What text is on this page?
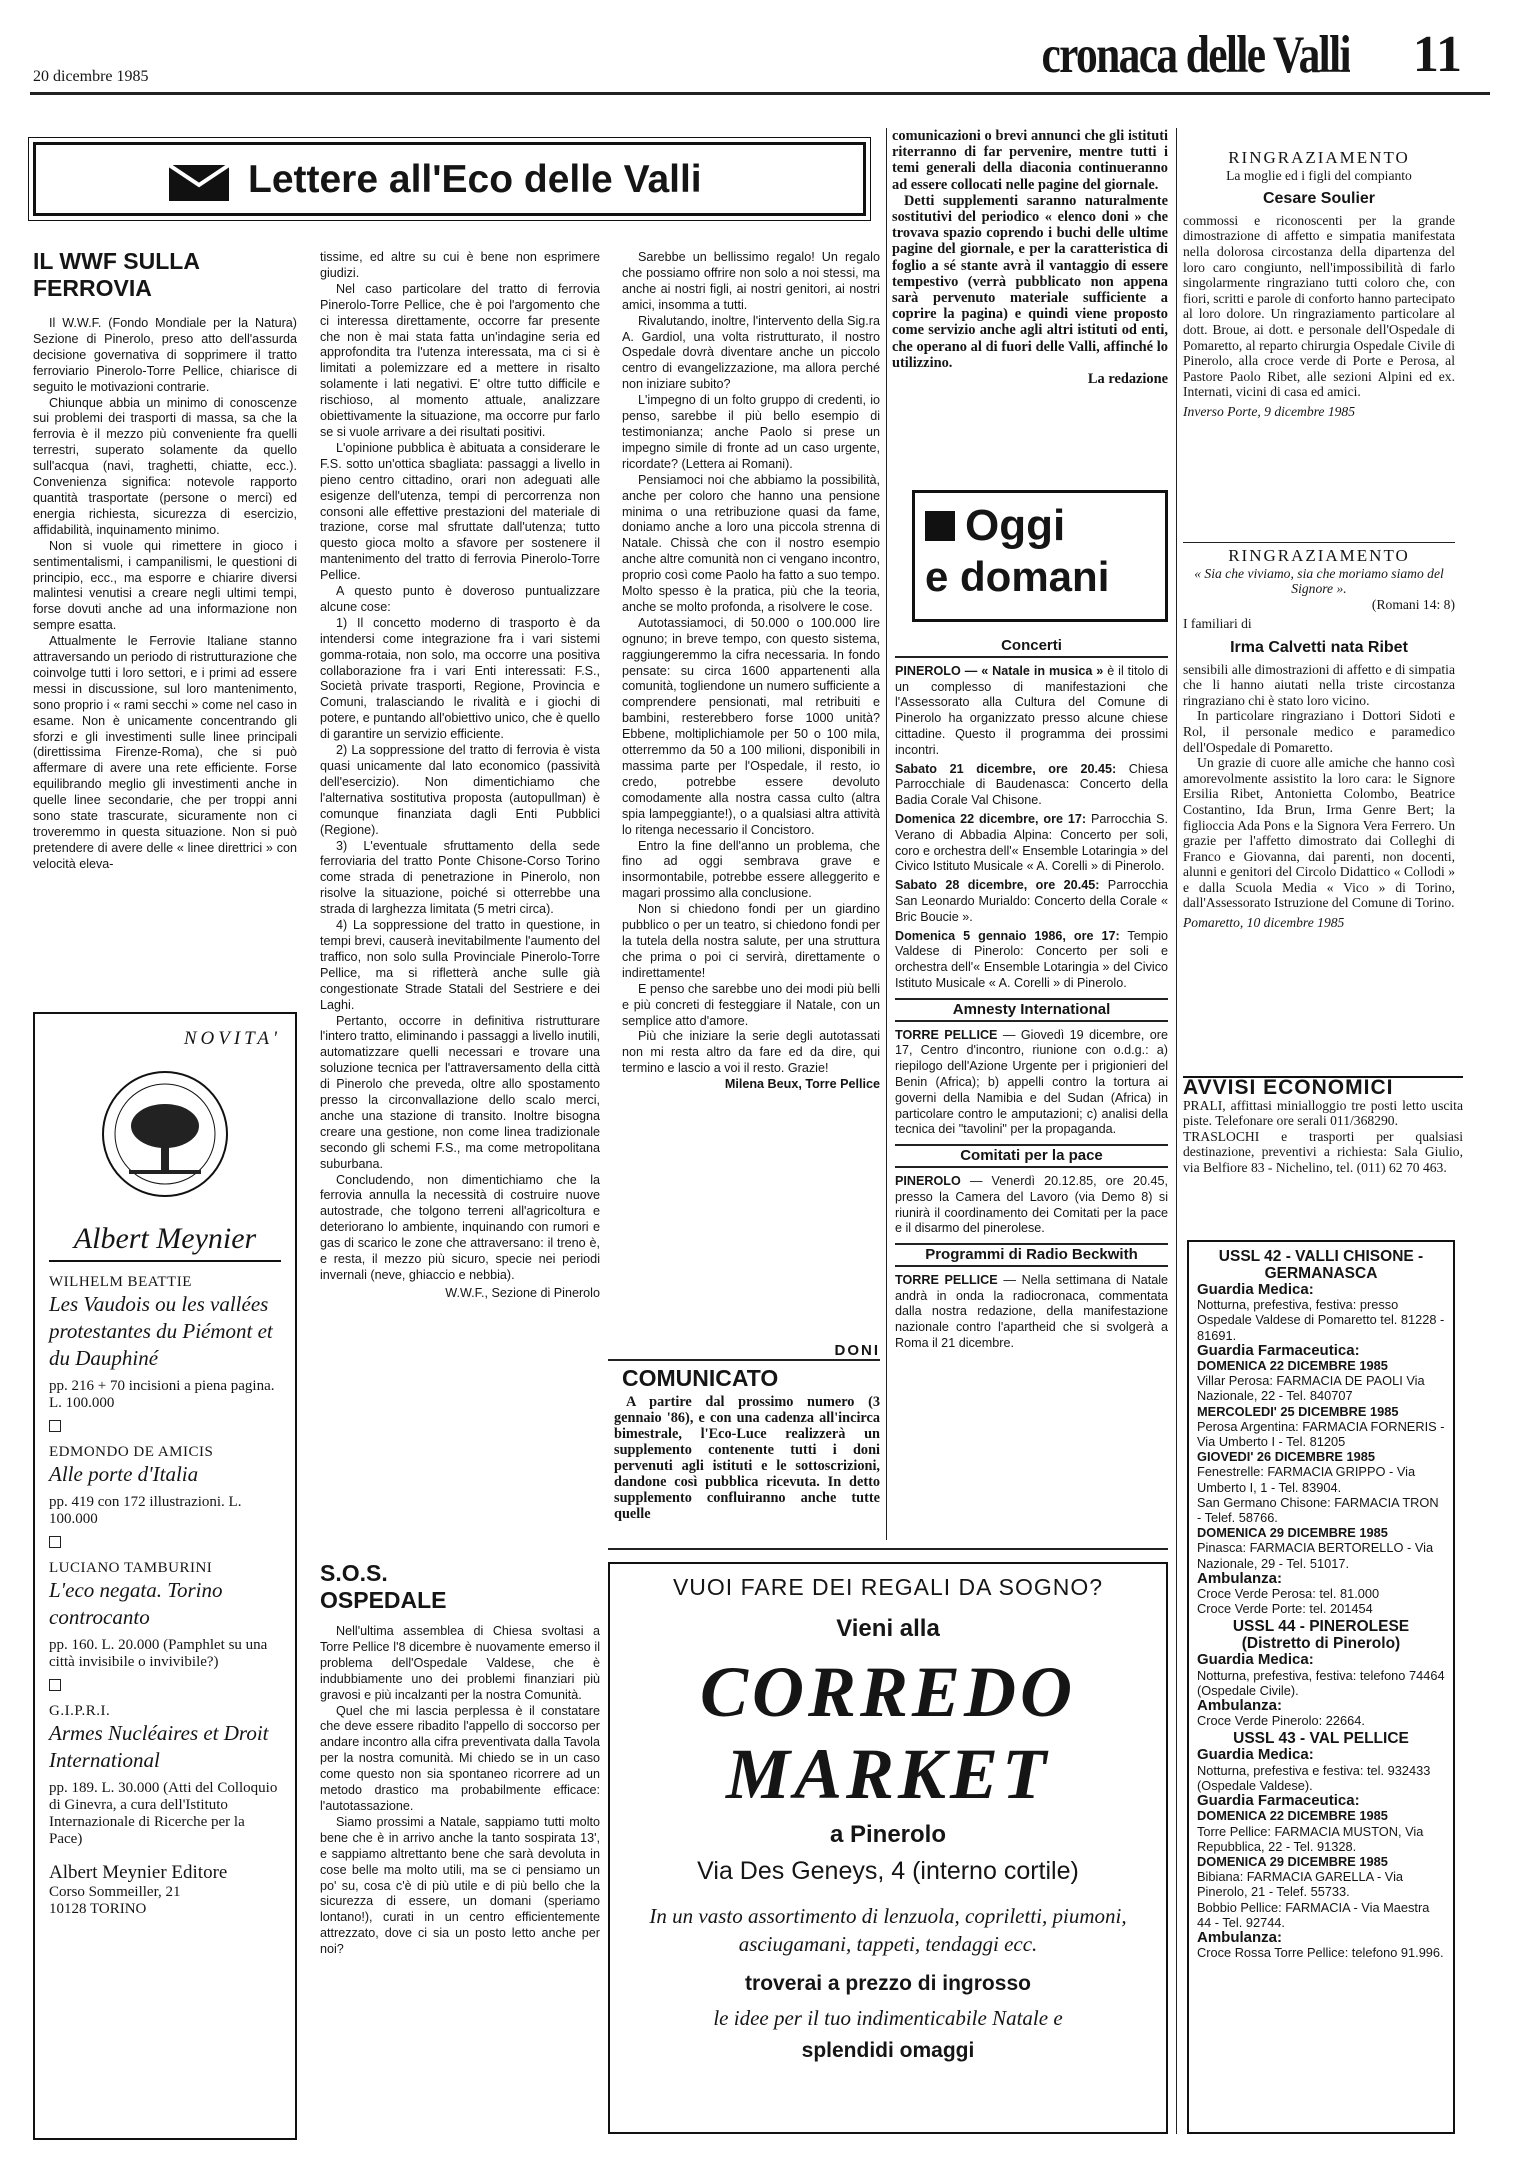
20 dicembre 1985	cronaca delle Valli	11
Lettere all'Eco delle Valli
IL WWF SULLA FERROVIA

Il W.W.F. (Fondo Mondiale per la Natura) Sezione di Pinerolo, preso atto dell'assurda decisione governativa di sopprimere il tratto ferroviario Pinerolo-Torre Pellice, chiarisce di seguito le motivazioni contrarie.

Chiunque abbia un minimo di conoscenze sui problemi dei trasporti di massa, sa che la ferrovia è il mezzo più conveniente fra quelli terrestri, superato solamente da quello sull'acqua (navi, traghetti, chiatte, ecc.). Convenienza significa: notevole rapporto quantità trasportate (persone o merci) ed energia richiesta, sicurezza di esercizio, affidabilità, inquinamento minimo.

Non si vuole qui rimettere in gioco i sentimentalismi, i campanilismi, le questioni di principio, ecc., ma esporre e chiarire diversi malintesi venutisi a creare negli ultimi tempi, forse dovuti anche ad una informazione non sempre esatta.

Attualmente le Ferrovie Italiane stanno attraversando un periodo di ristrutturazione che coinvolge tutti i loro settori, e i primi ad essere messi in discussione, sul loro mantenimento, sono proprio i « rami secchi » come nel caso in esame. Non è unicamente concentrando gli sforzi e gli investimenti sulle linee principali (direttissima Firenze-Roma), che si può affermare di avere una rete efficiente. Forse equilibrando meglio gli investimenti anche in quelle linee secondarie, che per troppi anni sono state trascurate, sicuramente non ci troveremmo in questa situazione. Non si può pretendere di avere delle « linee direttrici » con velocità eleva-

NOVITA'
Albert Meynier
WILHELM BEATTIE
Les Vaudois ou les vallées protestantes du Piémont et du Dauphiné
pp. 216 + 70 incisioni a piena pagina. L. 100.000
EDMONDO DE AMICIS
Alle porte d'Italia
pp. 419 con 172 illustrazioni. L. 100.000
LUCIANO TAMBURINI
L'eco negata. Torino controcanto
pp. 160. L. 20.000 (Pamphlet su una città invisibile o invivibile?)
G.I.P.R.I.
Armes Nucléaires et Droit International
pp. 189. L. 30.000 (Atti del Colloquio di Ginevra, a cura dell'Istituto Internazionale di Ricerche per la Pace)
Albert Meynier Editore
Corso Sommeiller, 21
10128 TORINO

tissime, ed altre su cui è bene non esprimere giudizi.

Nel caso particolare del tratto di ferrovia Pinerolo-Torre Pellice, che è poi l'argomento che ci interessa direttamente, occorre far presente che non è mai stata fatta un'indagine seria ed approfondita tra l'utenza interessata, ma ci si è limitati a polemizzare ed a mettere in risalto solamente i lati negativi. E' oltre tutto difficile e rischioso, al momento attuale, analizzare obiettivamente la situazione, ma occorre pur farlo se si vuole arrivare a dei risultati positivi.

L'opinione pubblica è abituata a considerare le F.S. sotto un'ottica sbagliata: passaggi a livello in pieno centro cittadino, orari non adeguati alle esigenze dell'utenza, tempi di percorrenza non consoni alle effettive prestazioni del materiale di trazione, corse mal sfruttate dall'utenza; tutto questo gioca molto a sfavore per sostenere il mantenimento del tratto di ferrovia Pinerolo-Torre Pellice.

A questo punto è doveroso puntualizzare alcune cose:

1) Il concetto moderno di trasporto è da intendersi come integrazione fra i vari sistemi gomma-rotaia, non solo, ma occorre una positiva collaborazione fra i vari Enti interessati: F.S., Società private trasporti, Regione, Provincia e Comuni, tralasciando le rivalità e i giochi di potere, e puntando all'obiettivo unico, che è quello di garantire un servizio efficiente.

2) La soppressione del tratto di ferrovia è vista quasi unicamente dal lato economico (passività dell'esercizio). Non dimentichiamo che l'alternativa sostitutiva proposta (autopullman) è comunque finanziata dagli Enti Pubblici (Regione).

3) L'eventuale sfruttamento della sede ferroviaria del tratto Ponte Chisone-Corso Torino come strada di penetrazione in Pinerolo, non risolve la situazione, poiché si otterrebbe una strada di larghezza limitata (5 metri circa).

4) La soppressione del tratto in questione, in tempi brevi, causerà inevitabilmente l'aumento del traffico, non solo sulla Provinciale Pinerolo-Torre Pellice, ma si rifletterà anche sulle già congestionate Strade Statali del Sestriere e dei Laghi.

Pertanto, occorre in definitiva ristrutturare l'intero tratto, eliminando i passaggi a livello inutili, automatizzare quelli necessari e trovare una soluzione tecnica per l'attraversamento della città di Pinerolo che preveda, oltre allo spostamento presso la circonvallazione dello scalo merci, anche una stazione di transito. Inoltre bisogna creare una gestione, non come linea tradizionale secondo gli schemi F.S., ma come metropolitana suburbana.

Concludendo, non dimentichiamo che la ferrovia annulla la necessità di costruire nuove autostrade, che tolgono terreni all'agricoltura e deteriorano lo ambiente, inquinando con rumori e gas di scarico le zone che attraversano: il treno è, e resta, il mezzo più sicuro, specie nei periodi invernali (neve, ghiaccio e nebbia).

W.W.F., Sezione di Pinerolo
S.O.S. OSPEDALE

Nell'ultima assemblea di Chiesa svoltasi a Torre Pellice l'8 dicembre è nuovamente emerso il problema dell'Ospedale Valdese, che è indubbiamente uno dei problemi finanziari più gravosi e più incalzanti per la nostra Comunità.

Quel che mi lascia perplessa è il constatare che deve essere ribadito l'appello di soccorso per andare incontro alla cifra preventivata dalla Tavola per la nostra comunità. Mi chiedo se in un caso come questo non sia spontaneo ricorrere ad un metodo drastico ma probabilmente efficace: l'autotassazione.

Siamo prossimi a Natale, sappiamo tutti molto bene che è in arrivo anche la tanto sospirata 13', e sappiamo altrettanto bene che sarà devoluta in cose belle ma molto utili, ma se ci pensiamo un po' su, cosa c'è di più utile e di più bello che la sicurezza di essere, un domani (speriamo lontano!), curati in un centro efficientemente attrezzato, dove ci sia un posto letto anche per noi?

Sarebbe un bellissimo regalo! Un regalo che possiamo offrire non solo a noi stessi, ma anche ai nostri figli, ai nostri genitori, ai nostri amici, insomma a tutti.

Rivalutando, inoltre, l'intervento della Sig.ra A. Gardiol, una volta ristrutturato, il nostro Ospedale dovrà diventare anche un piccolo centro di evangelizzazione, ma allora perché non iniziare subito?

L'impegno di un folto gruppo di credenti, io penso, sarebbe il più bello esempio di testimonianza; anche Paolo si prese un impegno simile di fronte ad un caso urgente, ricordate? (Lettera ai Romani).

Pensiamoci noi che abbiamo la possibilità, anche per coloro che hanno una pensione minima o una retribuzione quasi da fame, doniamo anche a loro una piccola strenna di Natale. Chissà che con il nostro esempio anche altre comunità non ci vengano incontro, proprio così come Paolo ha fatto a suo tempo. Molto spesso è la pratica, più che la teoria, anche se molto profonda, a risolvere le cose.

Autotassiamoci, di 50.000 o 100.000 lire ognuno; in breve tempo, con questo sistema, raggiungeremmo la cifra necessaria. In fondo pensate: su circa 1600 appartenenti alla comunità, togliendone un numero sufficiente a comprendere pensionati, mal retribuiti e bambini, resterebbero forse 1000 unità? Ebbene, moltiplichiamole per 50 o 100 mila, otterremmo da 50 a 100 milioni, disponibili in massima parte per l'Ospedale, il resto, io credo, potrebbe essere devoluto comodamente alla nostra cassa culto (altra spia lampeggiante!), o a qualsiasi altra attività lo ritenga necessario il Concistoro.

Entro la fine dell'anno un problema, che fino ad oggi sembrava grave e insormontabile, potrebbe essere alleggerito e magari prossimo alla conclusione.

Non si chiedono fondi per un giardino pubblico o per un teatro, si chiedono fondi per la tutela della nostra salute, per una struttura che prima o poi ci servirà, direttamente o indirettamente!

E penso che sarebbe uno dei modi più belli e più concreti di festeggiare il Natale, con un semplice atto d'amore.

Più che iniziare la serie degli autotassati non mi resta altro da fare ed da dire, qui termino e lascio a voi il resto. Grazie!

Milena Beux, Torre Pellice
DONI
COMUNICATO

A partire dal prossimo numero (3 gennaio '86), e con una cadenza all'incirca bimestrale, l'Eco-Luce realizzerà un supplemento contenente tutti i doni pervenuti agli istituti e le sottoscrizioni, dandone così pubblica ricevuta. In detto supplemento confluiranno anche tutte quelle

comunicazioni o brevi annunci che gli istituti riterranno di far pervenire, mentre tutti i temi generali della diaconia continueranno ad essere collocati nelle pagine del giornale.

Detti supplementi saranno naturalmente sostitutivi del periodico « elenco doni » che trovava spazio coprendo i buchi delle ultime pagine del giornale, e per la caratteristica di foglio a sé stante avrà il vantaggio di essere tempestivo (verrà pubblicato non appena sarà pervenuto materiale sufficiente a coprire la pagina) e quindi viene proposto come servizio anche agli altri istituti od enti, che operano al di fuori delle Valli, affinché lo utilizzino.

La redazione
Oggi
e domani
Concerti

PINEROLO — « Natale in musica » è il titolo di un complesso di manifestazioni che l'Assessorato alla Cultura del Comune di Pinerolo ha organizzato presso alcune chiese cittadine. Questo il programma dei prossimi incontri.

Sabato 21 dicembre, ore 20.45: Chiesa Parrocchiale di Baudenasca: Concerto della Badia Corale Val Chisone.

Domenica 22 dicembre, ore 17: Parrocchia S. Verano di Abbadia Alpina: Concerto per soli, coro e orchestra dell'« Ensemble Lotaringia » del Civico Istituto Musicale « A. Corelli » di Pinerolo.

Sabato 28 dicembre, ore 20.45: Parrocchia San Leonardo Murialdo: Concerto della Corale « Bric Boucie ».

Domenica 5 gennaio 1986, ore 17: Tempio Valdese di Pinerolo: Concerto per soli e orchestra dell'« Ensemble Lotaringia » del Civico Istituto Musicale « A. Corelli » di Pinerolo.

Amnesty International

TORRE PELLICE — Giovedì 19 dicembre, ore 17, Centro d'incontro, riunione con o.d.g.: a) riepilogo dell'Azione Urgente per i prigionieri del Benin (Africa); b) appelli contro la tortura ai governi della Namibia e del Sudan (Africa) in particolare contro le amputazioni; c) analisi della tecnica dei "tavolini" per la propaganda.

Comitati per la pace

PINEROLO — Venerdì 20.12.85, ore 20.45, presso la Camera del Lavoro (via Demo 8) si riunirà il coordinamento dei Comitati per la pace e il disarmo del pinerolese.

Programmi di Radio Beckwith

TORRE PELLICE — Nella settimana di Natale andrà in onda la radiocronaca, commentata dalla nostra redazione, della manifestazione nazionale contro l'apartheid che si svolgerà a Roma il 21 dicembre.

VUOI FARE DEI REGALI DA SOGNO?
Vieni alla
CORREDO
MARKET
a Pinerolo
Via Des Geneys, 4 (interno cortile)
In un vasto assortimento di lenzuola, copriletti, piumoni, asciugamani, tappeti, tendaggi ecc.
troverai a prezzo di ingrosso
le idee per il tuo indimenticabile Natale e
splendidi omaggi
RINGRAZIAMENTO
La moglie ed i figli del compianto
Cesare Soulier
commossi e riconoscenti per la grande dimostrazione di affetto e simpatia manifestata nella dolorosa circostanza della dipartenza del loro caro congiunto, nell'impossibilità di farlo singolarmente ringraziano tutti coloro che, con fiori, scritti e parole di conforto hanno partecipato al loro dolore. Un ringraziamento particolare al dott. Broue, ai dott. e personale dell'Ospedale di Pomaretto, al reparto chirurgia Ospedale Civile di Pinerolo, alla croce verde di Porte e Perosa, al Pastore Paolo Ribet, alle sezioni Alpini ed ex. Internati, vicini di casa ed amici.
Inverso Porte, 9 dicembre 1985
RINGRAZIAMENTO
« Sia che viviamo, sia che moriamo siamo del Signore ».
(Romani 14: 8)
I familiari di
Irma Calvetti nata Ribet
sensibili alle dimostrazioni di affetto e di simpatia che li hanno aiutati nella triste circostanza ringraziano chi è stato loro vicino.
In particolare ringraziano i Dottori Sidoti e Rol, il personale medico e paramedico dell'Ospedale di Pomaretto.
Un grazie di cuore alle amiche che hanno così amorevolmente assistito la loro cara: le Signore Ersilia Ribet, Antonietta Colombo, Beatrice Costantino, Ida Brun, Irma Genre Bert; la figlioccia Ada Pons e la Signora Vera Ferrero. Un grazie per l'affetto dimostrato dai Colleghi di Franco e Giovanna, dai parenti, non docenti, alunni e genitori del Circolo Didattico « Collodi » e dalla Scuola Media « Vico » di Torino, dall'Assessorato Istruzione del Comune di Torino.
Pomaretto, 10 dicembre 1985
AVVISI ECONOMICI
PRALI, affittasi minialloggio tre posti letto uscita piste. Telefonare ore serali 011/368290.
TRASLOCHI e trasporti per qualsiasi destinazione, preventivi a richiesta: Sala Giulio, via Belfiore 83 - Nichelino, tel. (011) 62 70 463.
USSL 42 - VALLI CHISONE - GERMANASCA
Guardia Medica:
Notturna, prefestiva, festiva: presso Ospedale Valdese di Pomaretto tel. 81228 - 81691.
Guardia Farmaceutica:
DOMENICA 22 DICEMBRE 1985
Villar Perosa: FARMACIA DE PAOLI Via Nazionale, 22 - Tel. 840707
MERCOLEDI' 25 DICEMBRE 1985
Perosa Argentina: FARMACIA FORNERIS - Via Umberto I - Tel. 81205
GIOVEDI' 26 DICEMBRE 1985
Fenestrelle: FARMACIA GRIPPO - Via Umberto I, 1 - Tel. 83904.
San Germano Chisone: FARMACIA TRON - Telef. 58766.
DOMENICA 29 DICEMBRE 1985
Pinasca: FARMACIA BERTORELLO - Via Nazionale, 29 - Tel. 51017.
Ambulanza:
Croce Verde Perosa: tel. 81.000
Croce Verde Porte: tel. 201454
USSL 44 - PINEROLESE (Distretto di Pinerolo)
Guardia Medica:
Notturna, prefestiva, festiva: telefono 74464 (Ospedale Civile).
Ambulanza:
Croce Verde Pinerolo: 22664.
USSL 43 - VAL PELLICE
Guardia Medica:
Notturna, prefestiva e festiva: tel. 932433 (Ospedale Valdese).
Guardia Farmaceutica:
DOMENICA 22 DICEMBRE 1985
Torre Pellice: FARMACIA MUSTON, Via Repubblica, 22 - Tel. 91328.
DOMENICA 29 DICEMBRE 1985
Bibiana: FARMACIA GARELLA - Via Pinerolo, 21 - Telef. 55733.
Bobbio Pellice: FARMACIA - Via Maestra 44 - Tel. 92744.
Ambulanza:
Croce Rossa Torre Pellice: telefono 91.996.
